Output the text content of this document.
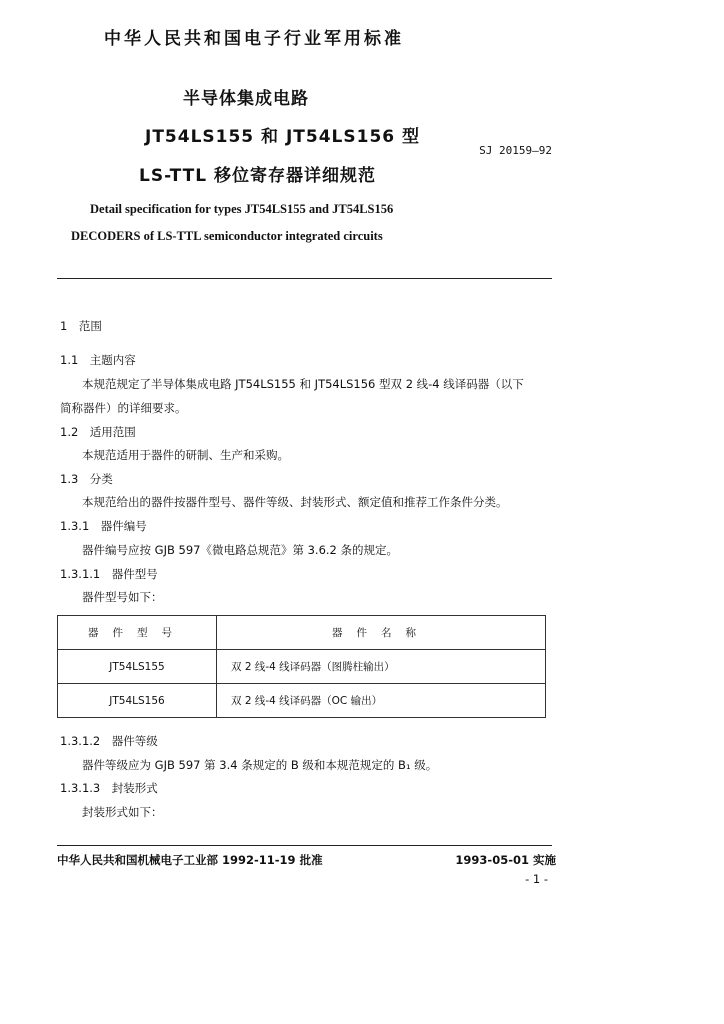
中华人民共和国电子行业军用标准
半导体集成电路
JT54LS155 和 JT54LS156 型
LS-TTL 移位寄存器详细规范
SJ 20159—92
Detail specification for types JT54LS155 and JT54LS156
DECODERS of LS-TTL semiconductor integrated circuits
1　范围
1.1　主题内容
本规范规定了半导体集成电路 JT54LS155 和 JT54LS156 型双 2 线-4 线译码器（以下
简称器件）的详细要求。
1.2　适用范围
本规范适用于器件的研制、生产和采购。
1.3　分类
本规范给出的器件按器件型号、器件等级、封装形式、额定值和推荐工作条件分类。
1.3.1　器件编号
器件编号应按 GJB 597《微电路总规范》第 3.6.2 条的规定。
1.3.1.1　器件型号
器件型号如下：
器件型号	器件名称
JT54LS155	双 2 线-4 线译码器（图腾柱输出）
JT54LS156	双 2 线-4 线译码器（OC 输出）
1.3.1.2　器件等级
器件等级应为 GJB 597 第 3.4 条规定的 B 级和本规范规定的 B₁ 级。
1.3.1.3　封装形式
封装形式如下：
中华人民共和国机械电子工业部 1992-11-19 批准	1993-05-01 实施
- 1 -
